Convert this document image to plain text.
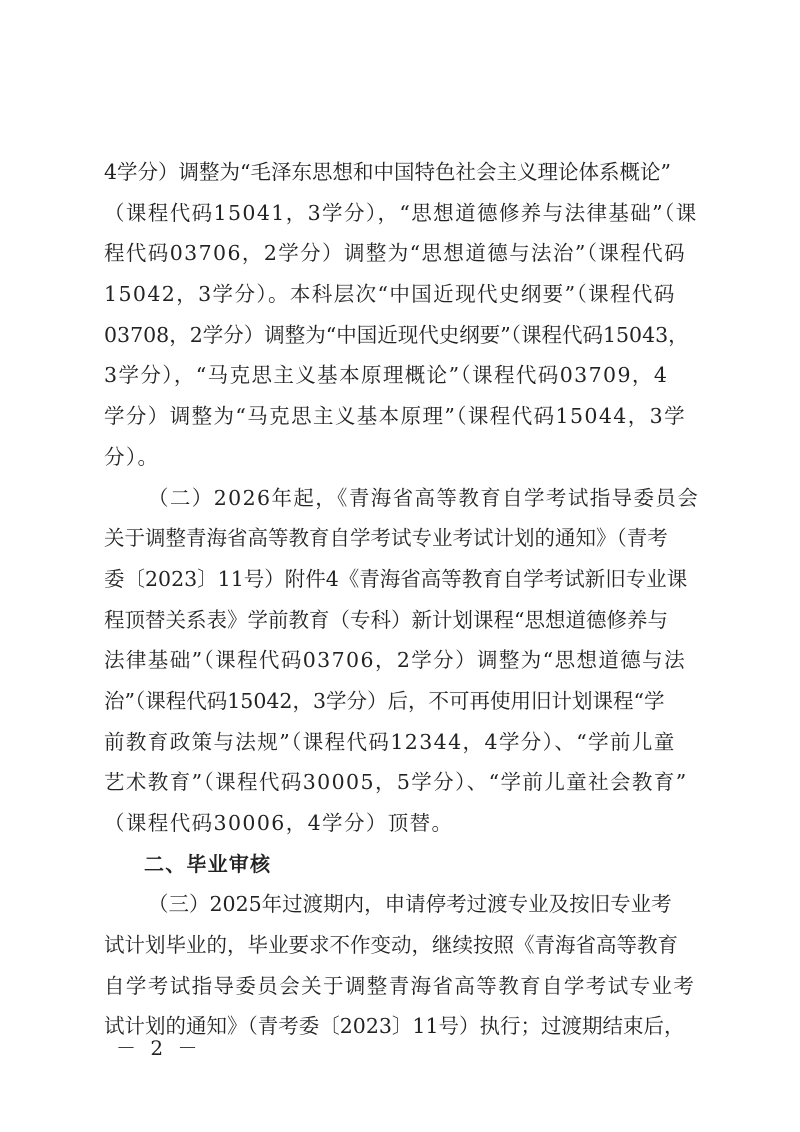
4学分）调整为“毛泽东思想和中国特色社会主义理论体系概论”
（课程代码15041，3学分），“思想道德修养与法律基础”（课
程代码03706，2学分）调整为“思想道德与法治”（课程代码
15042，3学分）。本科层次“中国近现代史纲要”（课程代码
03708，2学分）调整为“中国近现代史纲要”（课程代码15043，
3学分），“马克思主义基本原理概论”（课程代码03709，4
学分）调整为“马克思主义基本原理”（课程代码15044，3学
分）。
（二）2026年起，《青海省高等教育自学考试指导委员会
关于调整青海省高等教育自学考试专业考试计划的通知》（青考
委〔2023〕11号）附件4《青海省高等教育自学考试新旧专业课
程顶替关系表》学前教育（专科）新计划课程“思想道德修养与
法律基础”（课程代码03706，2学分）调整为“思想道德与法
治”（课程代码15042，3学分）后，不可再使用旧计划课程“学
前教育政策与法规”（课程代码12344，4学分）、“学前儿童
艺术教育”（课程代码30005，5学分）、“学前儿童社会教育”
（课程代码30006，4学分）顶替。
二、毕业审核
（三）2025年过渡期内，申请停考过渡专业及按旧专业考
试计划毕业的，毕业要求不作变动，继续按照《青海省高等教育
自学考试指导委员会关于调整青海省高等教育自学考试专业考
试计划的通知》（青考委〔2023〕11号）执行；过渡期结束后，
－ 2 －
